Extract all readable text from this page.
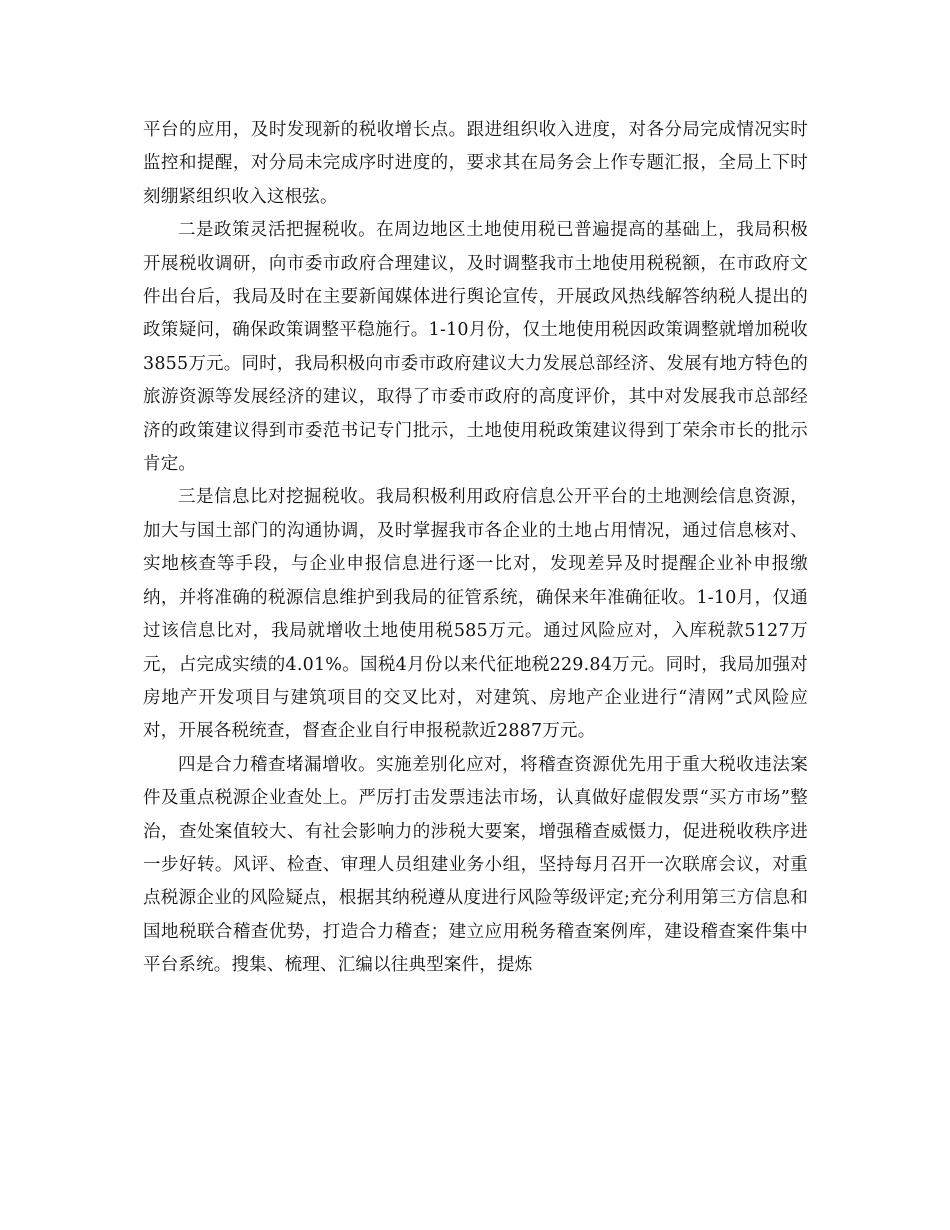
平台的应用，及时发现新的税收增长点。跟进组织收入进度，对各分局完成情况实时监控和提醒，对分局未完成序时进度的，要求其在局务会上作专题汇报，全局上下时刻绷紧组织收入这根弦。

二是政策灵活把握税收。在周边地区土地使用税已普遍提高的基础上，我局积极开展税收调研，向市委市政府合理建议，及时调整我市土地使用税税额，在市政府文件出台后，我局及时在主要新闻媒体进行舆论宣传，开展政风热线解答纳税人提出的政策疑问，确保政策调整平稳施行。1-10月份，仅土地使用税因政策调整就增加税收3855万元。同时，我局积极向市委市政府建议大力发展总部经济、发展有地方特色的旅游资源等发展经济的建议，取得了市委市政府的高度评价，其中对发展我市总部经济的政策建议得到市委范书记专门批示，土地使用税政策建议得到丁荣余市长的批示肯定。

三是信息比对挖掘税收。我局积极利用政府信息公开平台的土地测绘信息资源，加大与国土部门的沟通协调，及时掌握我市各企业的土地占用情况，通过信息核对、实地核查等手段，与企业申报信息进行逐一比对，发现差异及时提醒企业补申报缴纳，并将准确的税源信息维护到我局的征管系统，确保来年准确征收。1-10月，仅通过该信息比对，我局就增收土地使用税585万元。通过风险应对，入库税款5127万元，占完成实绩的4.01%。国税4月份以来代征地税229.84万元。同时，我局加强对房地产开发项目与建筑项目的交叉比对，对建筑、房地产企业进行“清网”式风险应对，开展各税统查，督查企业自行申报税款近2887万元。

四是合力稽查堵漏增收。实施差别化应对，将稽查资源优先用于重大税收违法案件及重点税源企业查处上。严厉打击发票违法市场，认真做好虚假发票“买方市场”整治，查处案值较大、有社会影响力的涉税大要案，增强稽查威慑力，促进税收秩序进一步好转。风评、检查、审理人员组建业务小组，坚持每月召开一次联席会议，对重点税源企业的风险疑点，根据其纳税遵从度进行风险等级评定;充分利用第三方信息和国地税联合稽查优势，打造合力稽查；建立应用税务稽查案例库，建设稽查案件集中平台系统。搜集、梳理、汇编以往典型案件，提炼
